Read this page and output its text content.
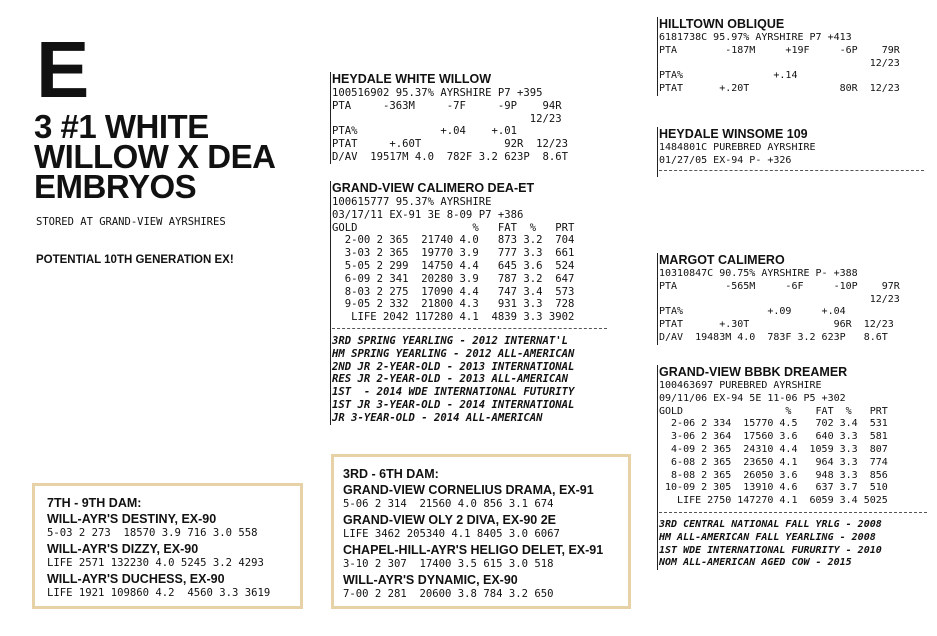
E
3 #1 WHITE
WILLOW X DEA
EMBRYOS
STORED AT GRAND-VIEW AYRSHIRES
POTENTIAL 10TH GENERATION EX!
HEYDALE WHITE WILLOW
100516902 95.37% AYRSHIRE P7 +395
PTA     -363M     -7F     -9P    94R
12/23
PTA%             +.04    +.01
PTAT     +.60T             92R  12/23
D/AV  19517M 4.0  782F 3.2 623P  8.6T
GRAND-VIEW CALIMERO DEA-ET
100615777 95.37% AYRSHIRE
03/17/11 EX-91 3E 8-09 P7 +386
GOLD                  %   FAT  %   PRT
2-00 2 365  21740 4.0   873 3.2  704
3-03 2 365  19770 3.9   777 3.3  661
5-05 2 299  14750 4.4   645 3.6  524
6-09 2 341  20280 3.9   787 3.2  647
8-03 2 275  17090 4.4   747 3.4  573
9-05 2 332  21800 4.3   931 3.3  728
LIFE 2042 117280 4.1  4839 3.3 3902
3RD SPRING YEARLING - 2012 INTERNAT'L
HM SPRING YEARLING - 2012 ALL-AMERICAN
2ND JR 2-YEAR-OLD - 2013 INTERNATIONAL
RES JR 2-YEAR-OLD - 2013 ALL-AMERICAN
1ST  - 2014 WDE INTERNATIONAL FUTURITY
1ST JR 3-YEAR-OLD - 2014 INTERNATIONAL
JR 3-YEAR-OLD - 2014 ALL-AMERICAN
HILLTOWN OBLIQUE
6181738C 95.97% AYRSHIRE P7 +413
PTA        -187M     +19F     -6P    79R
12/23
PTA%               +.14
PTAT      +.20T               80R  12/23
HEYDALE WINSOME 109
1484801C PUREBRED AYRSHIRE
01/27/05 EX-94 P- +326
MARGOT CALIMERO
10310847C 90.75% AYRSHIRE P- +388
PTA        -565M     -6F     -10P    97R
12/23
PTA%              +.09     +.04
PTAT      +.30T              96R  12/23
D/AV  19483M 4.0  783F 3.2 623P   8.6T
GRAND-VIEW BBBK DREAMER
100463697 PUREBRED AYRSHIRE
09/11/06 EX-94 5E 11-06 P5 +302
GOLD                 %    FAT  %   PRT
2-06 2 334  15770 4.5   702 3.4  531
3-06 2 364  17560 3.6   640 3.3  581
4-09 2 365  24310 4.4  1059 3.3  807
6-08 2 365  23650 4.1   964 3.3  774
8-08 2 365  26050 3.6   948 3.3  856
10-09 2 305  13910 4.6   637 3.7  510
LIFE 2750 147270 4.1  6059 3.4 5025
3RD CENTRAL NATIONAL FALL YRLG - 2008
HM ALL-AMERICAN FALL YEARLING - 2008
1ST WDE INTERNATIONAL FURURITY - 2010
NOM ALL-AMERICAN AGED COW - 2015
3RD - 6TH DAM:
GRAND-VIEW CORNELIUS DRAMA, EX-91
5-06 2 314  21560 4.0 856 3.1 674
GRAND-VIEW OLY 2 DIVA, EX-90 2E
LIFE 3462 205340 4.1 8405 3.0 6067
CHAPEL-HILL-AYR'S HELIGO DELET, EX-91
3-10 2 307  17400 3.5 615 3.0 518
WILL-AYR'S DYNAMIC, EX-90
7-00 2 281  20600 3.8 784 3.2 650
7TH - 9TH DAM:
WILL-AYR'S DESTINY, EX-90
5-03 2 273  18570 3.9 716 3.0 558
WILL-AYR'S DIZZY, EX-90
LIFE 2571 132230 4.0 5245 3.2 4293
WILL-AYR'S DUCHESS, EX-90
LIFE 1921 109860 4.2  4560 3.3 3619
